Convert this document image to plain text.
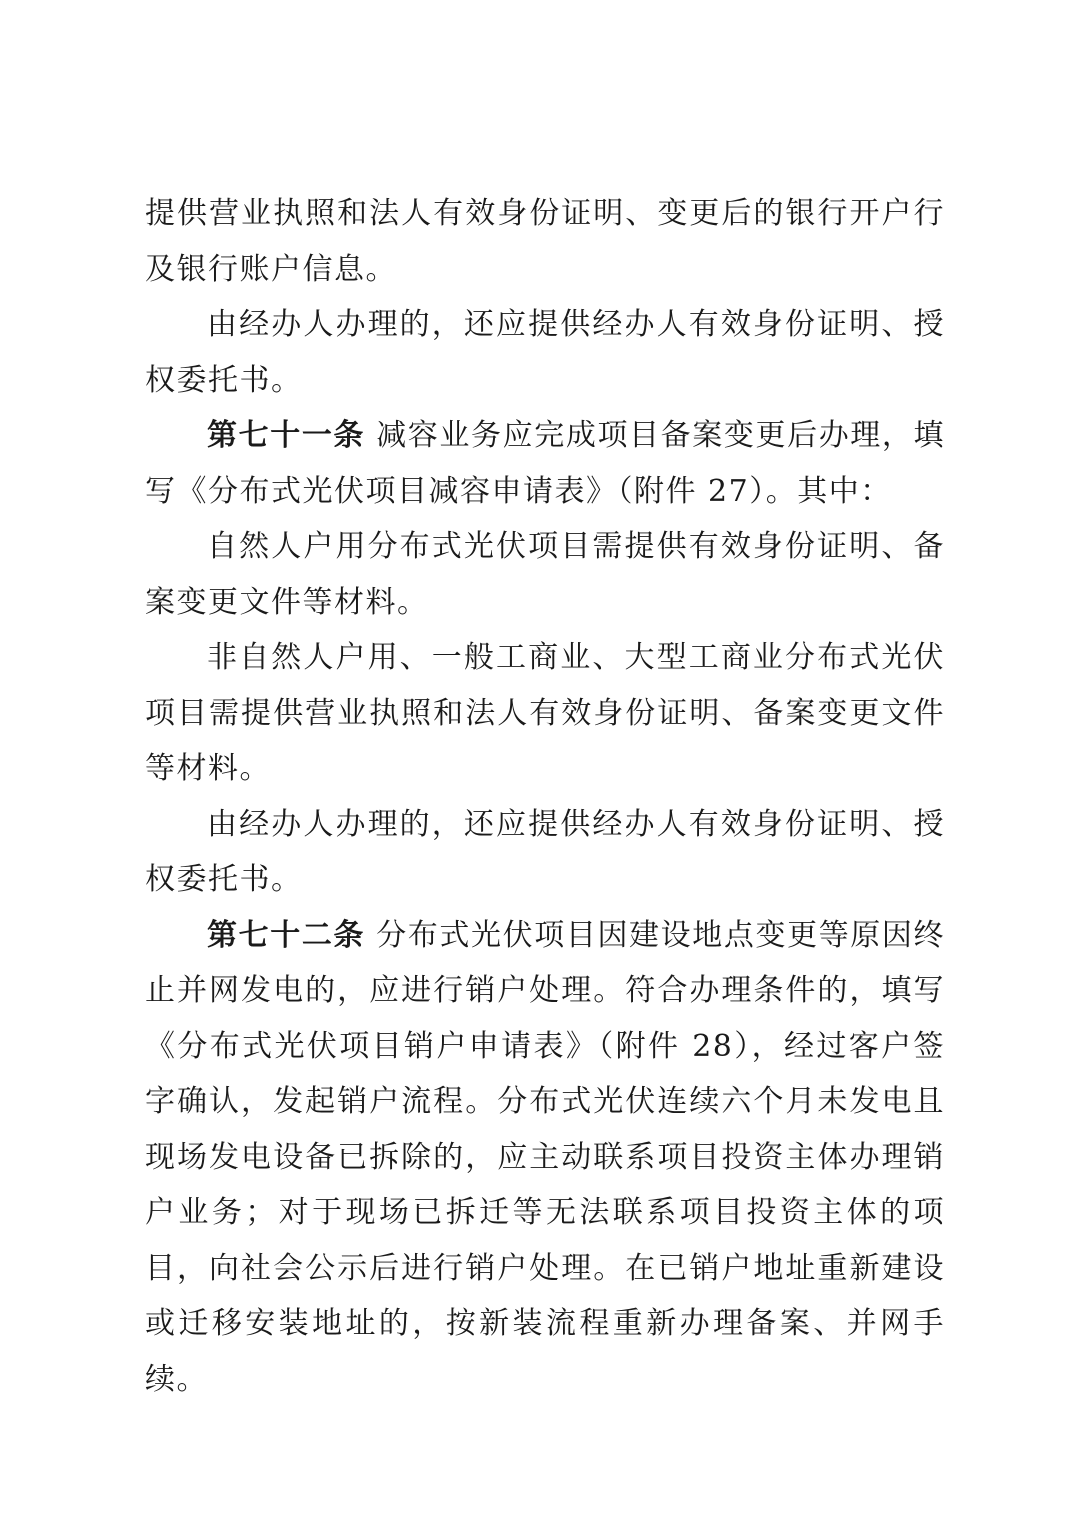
提供营业执照和法人有效身份证明、变更后的银行开户行及银行账户信息。

由经办人办理的，还应提供经办人有效身份证明、授权委托书。

第七十一条 减容业务应完成项目备案变更后办理，填写《分布式光伏项目减容申请表》（附件 27）。其中：

自然人户用分布式光伏项目需提供有效身份证明、备案变更文件等材料。

非自然人户用、一般工商业、大型工商业分布式光伏项目需提供营业执照和法人有效身份证明、备案变更文件等材料。

由经办人办理的，还应提供经办人有效身份证明、授权委托书。

第七十二条 分布式光伏项目因建设地点变更等原因终止并网发电的，应进行销户处理。符合办理条件的，填写《分布式光伏项目销户申请表》（附件 28），经过客户签字确认，发起销户流程。分布式光伏连续六个月未发电且现场发电设备已拆除的，应主动联系项目投资主体办理销户业务；对于现场已拆迁等无法联系项目投资主体的项目，向社会公示后进行销户处理。在已销户地址重新建设或迁移安装地址的，按新装流程重新办理备案、并网手续。
